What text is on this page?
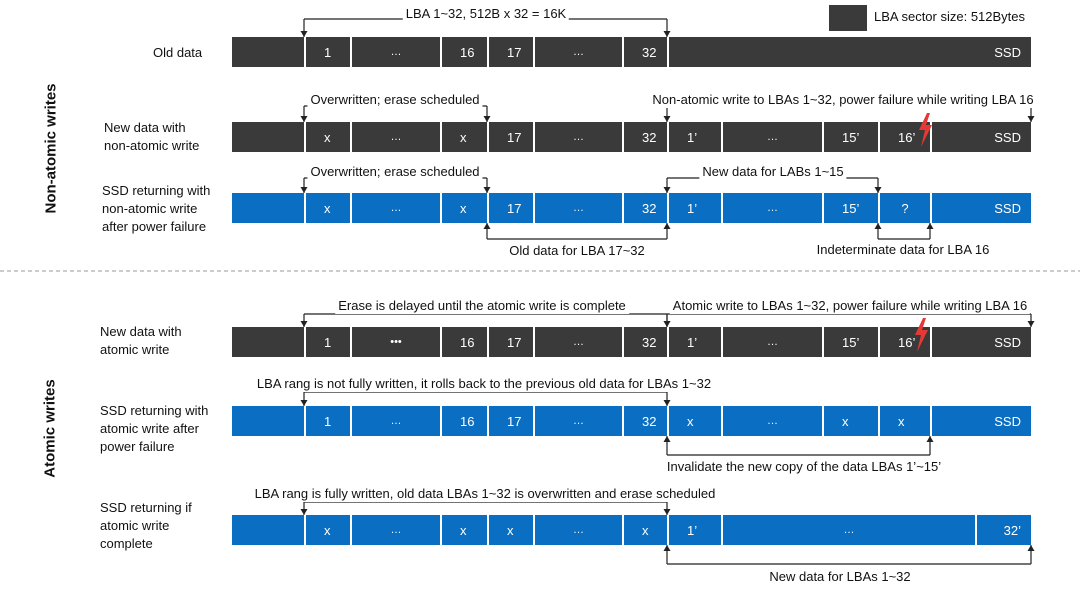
LBA sector size: 512Bytes
Non-atomic writes
Atomic writes
Old data
New data with
non-atomic write
SSD returning with
non-atomic write
after power failure
New data with
atomic write
SSD returning with
atomic write after
power failure
SSD returning if
atomic write
complete
1	…	16	17	…	32	SSD
x	…	x	17	…	32	1’	…	15’	16’	SSD
x	…	x	17	…	32	1’	…	15’	?	SSD
1	•••	16	17	…	32	1’	…	15’	16’	SSD
1	…	16	17	…	32	x	…	x	x	SSD
x	…	x	x	…	x	1’	…	32’
LBA 1~32, 512B x 32 = 16K
Overwritten; erase scheduled	Non-atomic write to LBAs 1~32, power failure while writing LBA 16
Overwritten; erase scheduled	New data for LABs 1~15
Old data for LBA 17~32	Indeterminate data for LBA 16
Erase is delayed until the atomic write is complete	Atomic write to LBAs 1~32, power failure while writing LBA 16
LBA rang is not fully written, it rolls back to the previous old data for LBAs 1~32
Invalidate the new copy of the data LBAs 1’~15’
LBA rang is fully written, old data LBAs 1~32 is overwritten and erase scheduled
New data for LBAs 1~32
